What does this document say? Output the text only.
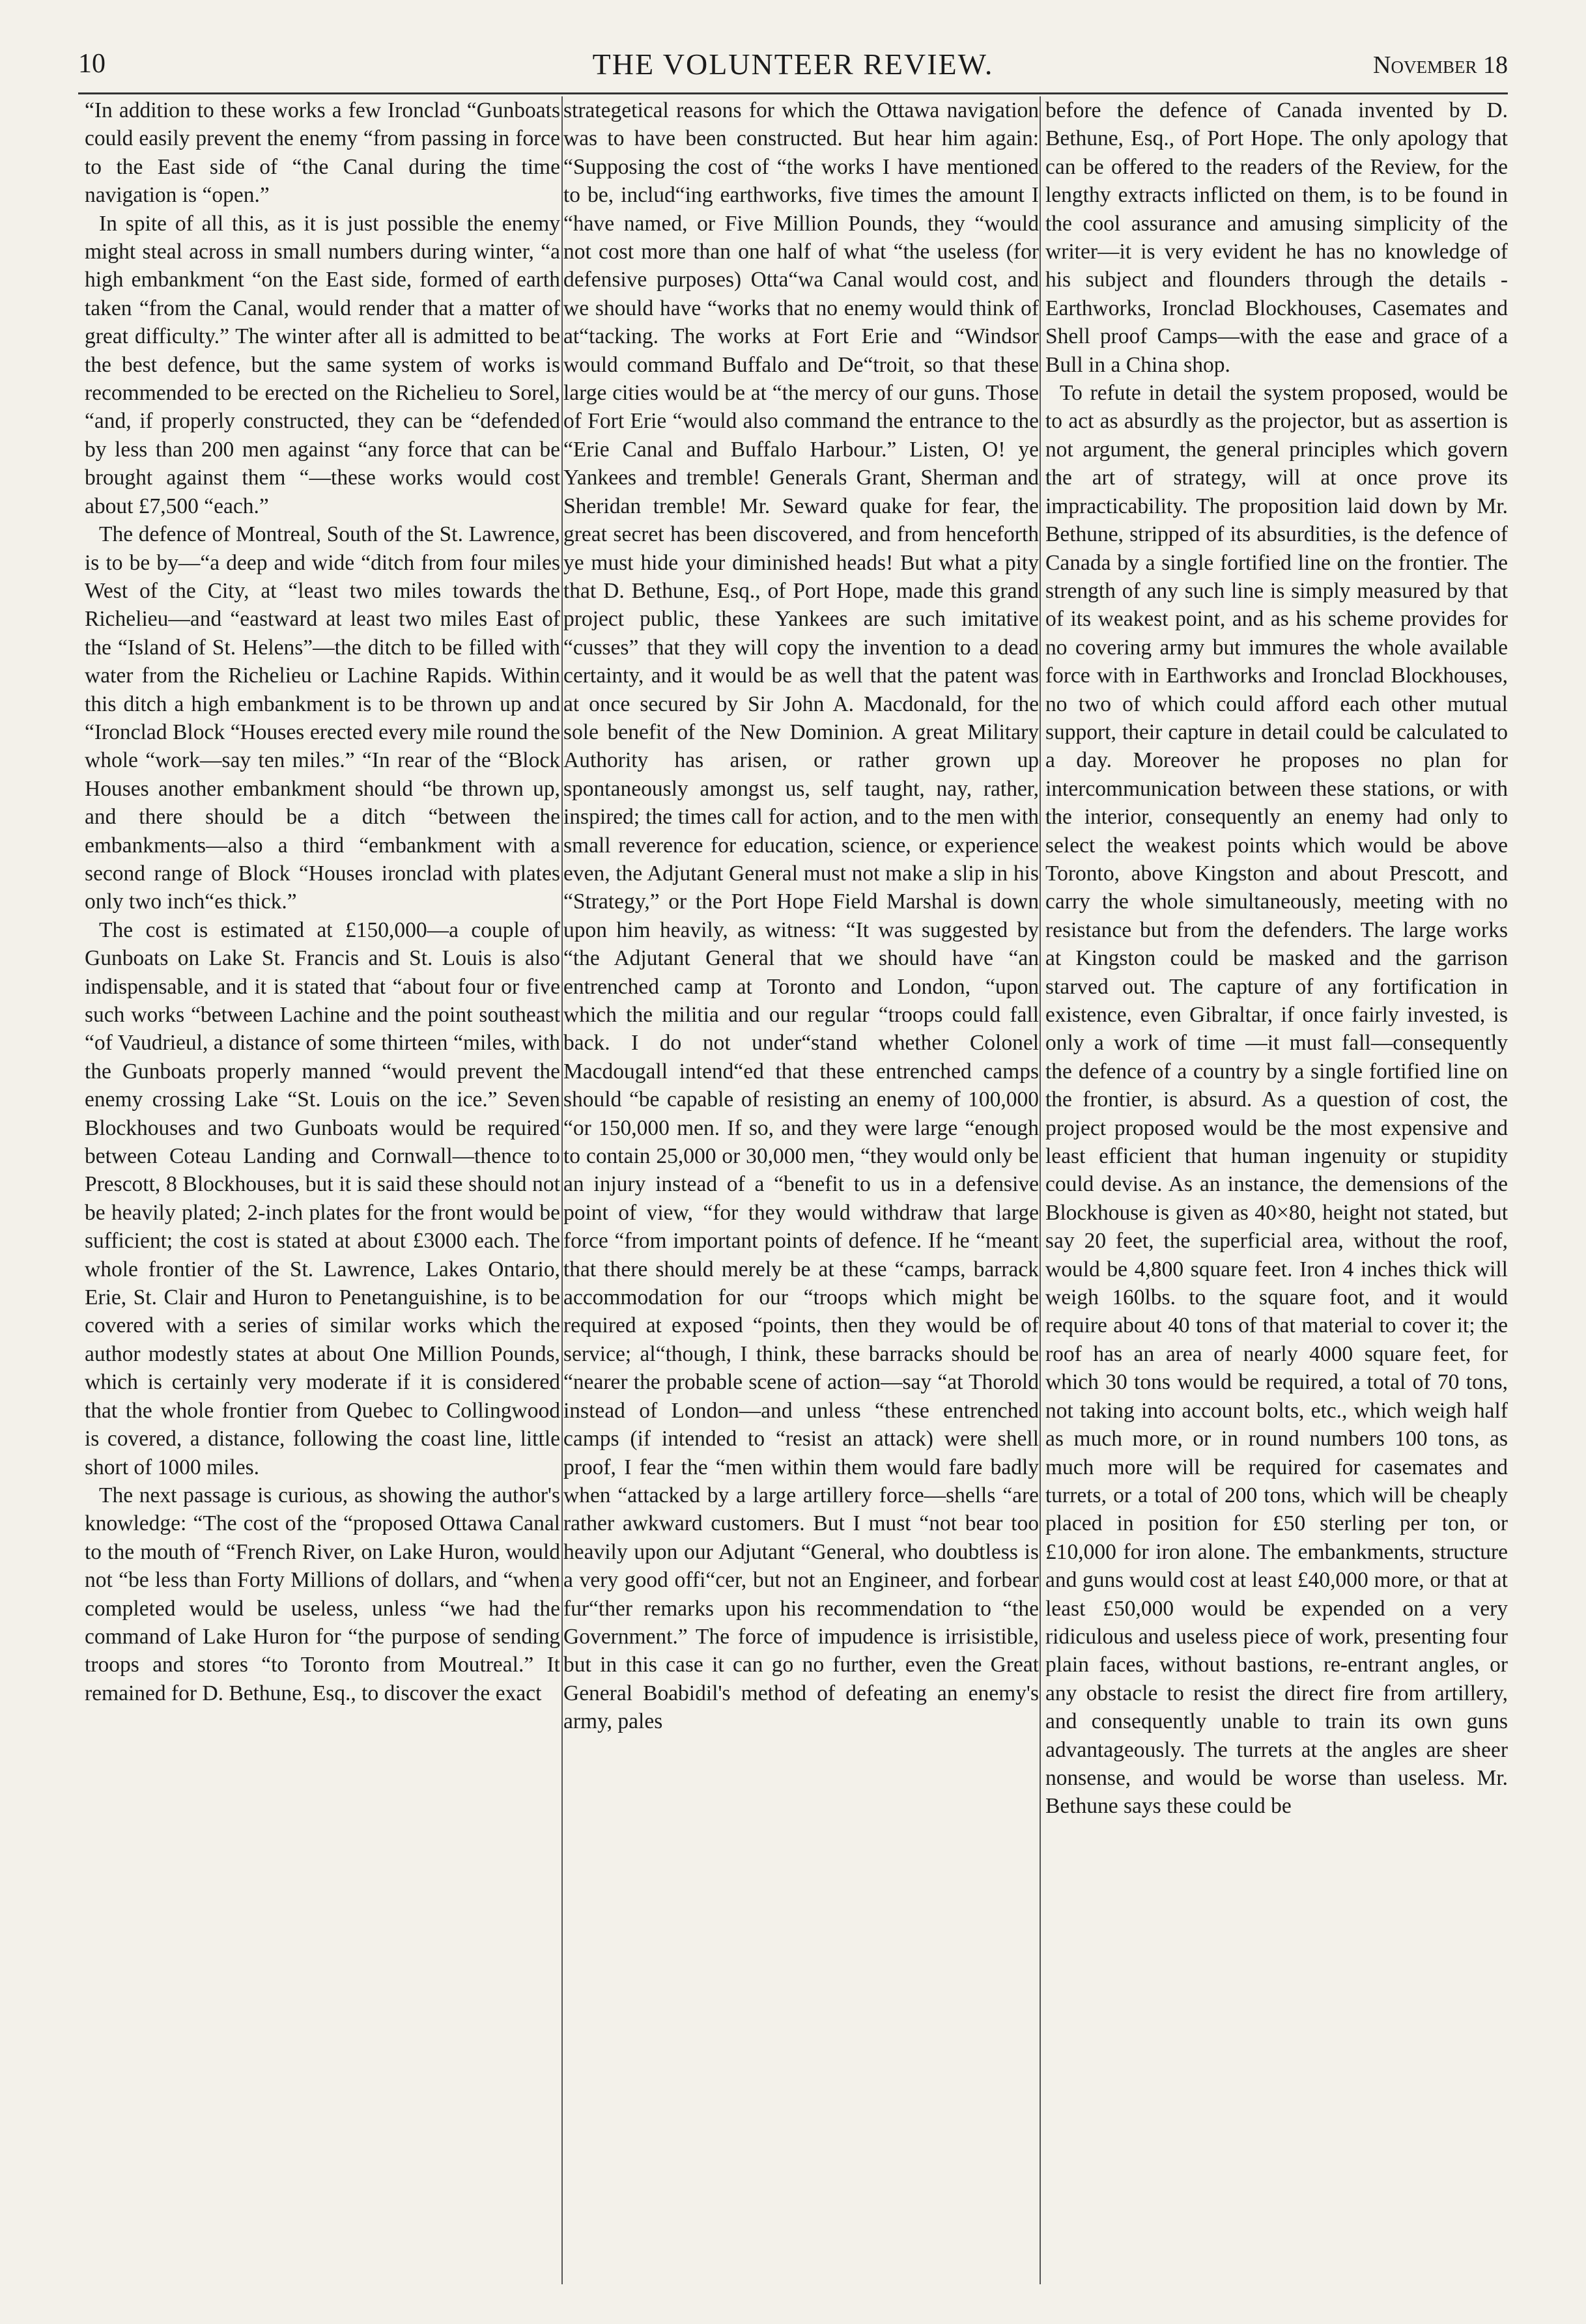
10	THE VOLUNTEER REVIEW.	November 18

“In addition to these works a few Ironclad “Gunboats could easily prevent the enemy “from passing in force to the East side of “the Canal during the time navigation is “open.”

In spite of all this, as it is just possible the enemy might steal across in small numbers during winter, “a high embankment “on the East side, formed of earth taken “from the Canal, would render that a matter of great difficulty.” The winter after all is admitted to be the best defence, but the same system of works is recommended to be erected on the Richelieu to Sorel, “and, if properly constructed, they can be “defended by less than 200 men against “any force that can be brought against them “—these works would cost about £7,500 “each.”

The defence of Montreal, South of the St. Lawrence, is to be by—“a deep and wide “ditch from four miles West of the City, at “least two miles towards the Richelieu—and “eastward at least two miles East of the “Island of St. Helens”—the ditch to be filled with water from the Richelieu or Lachine Rapids. Within this ditch a high embankment is to be thrown up and “Ironclad Block “Houses erected every mile round the whole “work—say ten miles.” “In rear of the “Block Houses another embankment should “be thrown up, and there should be a ditch “between the embankments—also a third “embankment with a second range of Block “Houses ironclad with plates only two inch“es thick.”

The cost is estimated at £150,000—a couple of Gunboats on Lake St. Francis and St. Louis is also indispensable, and it is stated that “about four or five such works “between Lachine and the point southeast “of Vaudrieul, a distance of some thirteen “miles, with the Gunboats properly manned “would prevent the enemy crossing Lake “St. Louis on the ice.” Seven Blockhouses and two Gunboats would be required between Coteau Landing and Cornwall—thence to Prescott, 8 Blockhouses, but it is said these should not be heavily plated; 2-inch plates for the front would be sufficient; the cost is stated at about £3000 each. The whole frontier of the St. Lawrence, Lakes Ontario, Erie, St. Clair and Huron to Penetanguishine, is to be covered with a series of similar works which the author modestly states at about One Million Pounds, which is certainly very moderate if it is considered that the whole frontier from Quebec to Collingwood is covered, a distance, following the coast line, little short of 1000 miles.

The next passage is curious, as showing the author's knowledge: “The cost of the “proposed Ottawa Canal to the mouth of “French River, on Lake Huron, would not “be less than Forty Millions of dollars, and “when completed would be useless, unless “we had the command of Lake Huron for “the purpose of sending troops and stores “to Toronto from Moutreal.” It remained for D. Bethune, Esq., to discover the exact

strategetical reasons for which the Ottawa navigation was to have been constructed. But hear him again: “Supposing the cost of “the works I have mentioned to be, includ“ing earthworks, five times the amount I “have named, or Five Million Pounds, they “would not cost more than one half of what “the useless (for defensive purposes) Otta“wa Canal would cost, and we should have “works that no enemy would think of at“tacking. The works at Fort Erie and “Windsor would command Buffalo and De“troit, so that these large cities would be at “the mercy of our guns. Those of Fort Erie “would also command the entrance to the “Erie Canal and Buffalo Harbour.” Listen, O! ye Yankees and tremble! Generals Grant, Sherman and Sheridan tremble! Mr. Seward quake for fear, the great secret has been discovered, and from henceforth ye must hide your diminished heads! But what a pity that D. Bethune, Esq., of Port Hope, made this grand project public, these Yankees are such imitative “cusses” that they will copy the invention to a dead certainty, and it would be as well that the patent was at once secured by Sir John A. Macdonald, for the sole benefit of the New Dominion. A great Military Authority has arisen, or rather grown up spontaneously amongst us, self taught, nay, rather, inspired; the times call for action, and to the men with small reverence for education, science, or experience even, the Adjutant General must not make a slip in his “Strategy,” or the Port Hope Field Marshal is down upon him heavily, as witness: “It was suggested by “the Adjutant General that we should have “an entrenched camp at Toronto and London, “upon which the militia and our regular “troops could fall back. I do not under“stand whether Colonel Macdougall intend“ed that these entrenched camps should “be capable of resisting an enemy of 100,000 “or 150,000 men. If so, and they were large “enough to contain 25,000 or 30,000 men, “they would only be an injury instead of a “benefit to us in a defensive point of view, “for they would withdraw that large force “from important points of defence. If he “meant that there should merely be at these “camps, barrack accommodation for our “troops which might be required at exposed “points, then they would be of service; al“though, I think, these barracks should be “nearer the probable scene of action—say “at Thorold instead of London—and unless “these entrenched camps (if intended to “resist an attack) were shell proof, I fear the “men within them would fare badly when “attacked by a large artillery force—shells “are rather awkward customers. But I must “not bear too heavily upon our Adjutant “General, who doubtless is a very good offi“cer, but not an Engineer, and forbear fur“ther remarks upon his recommendation to “the Government.” The force of impudence is irrisistible, but in this case it can go no further, even the Great General Boabidil's method of defeating an enemy's army, pales

before the defence of Canada invented by D. Bethune, Esq., of Port Hope. The only apology that can be offered to the readers of the Review, for the lengthy extracts inflicted on them, is to be found in the cool assurance and amusing simplicity of the writer—it is very evident he has no knowledge of his subject and flounders through the details - Earthworks, Ironclad Blockhouses, Casemates and Shell proof Camps—with the ease and grace of a Bull in a China shop.

To refute in detail the system proposed, would be to act as absurdly as the projector, but as assertion is not argument, the general principles which govern the art of strategy, will at once prove its impracticability. The proposition laid down by Mr. Bethune, stripped of its absurdities, is the defence of Canada by a single fortified line on the frontier. The strength of any such line is simply measured by that of its weakest point, and as his scheme provides for no covering army but immures the whole available force with in Earthworks and Ironclad Blockhouses, no two of which could afford each other mutual support, their capture in detail could be calculated to a day. Moreover he proposes no plan for intercommunication between these stations, or with the interior, consequently an enemy had only to select the weakest points which would be above Toronto, above Kingston and about Prescott, and carry the whole simultaneously, meeting with no resistance but from the defenders. The large works at Kingston could be masked and the garrison starved out. The capture of any fortification in existence, even Gibraltar, if once fairly invested, is only a work of time —it must fall—consequently the defence of a country by a single fortified line on the frontier, is absurd. As a question of cost, the project proposed would be the most expensive and least efficient that human ingenuity or stupidity could devise. As an instance, the demensions of the Blockhouse is given as 40×80, height not stated, but say 20 feet, the superficial area, without the roof, would be 4,800 square feet. Iron 4 inches thick will weigh 160lbs. to the square foot, and it would require about 40 tons of that material to cover it; the roof has an area of nearly 4000 square feet, for which 30 tons would be required, a total of 70 tons, not taking into account bolts, etc., which weigh half as much more, or in round numbers 100 tons, as much more will be required for casemates and turrets, or a total of 200 tons, which will be cheaply placed in position for £50 sterling per ton, or £10,000 for iron alone. The embankments, structure and guns would cost at least £40,000 more, or that at least £50,000 would be expended on a very ridiculous and useless piece of work, presenting four plain faces, without bastions, re-entrant angles, or any obstacle to resist the direct fire from artillery, and consequently unable to train its own guns advantageously. The turrets at the angles are sheer nonsense, and would be worse than useless. Mr. Bethune says these could be
